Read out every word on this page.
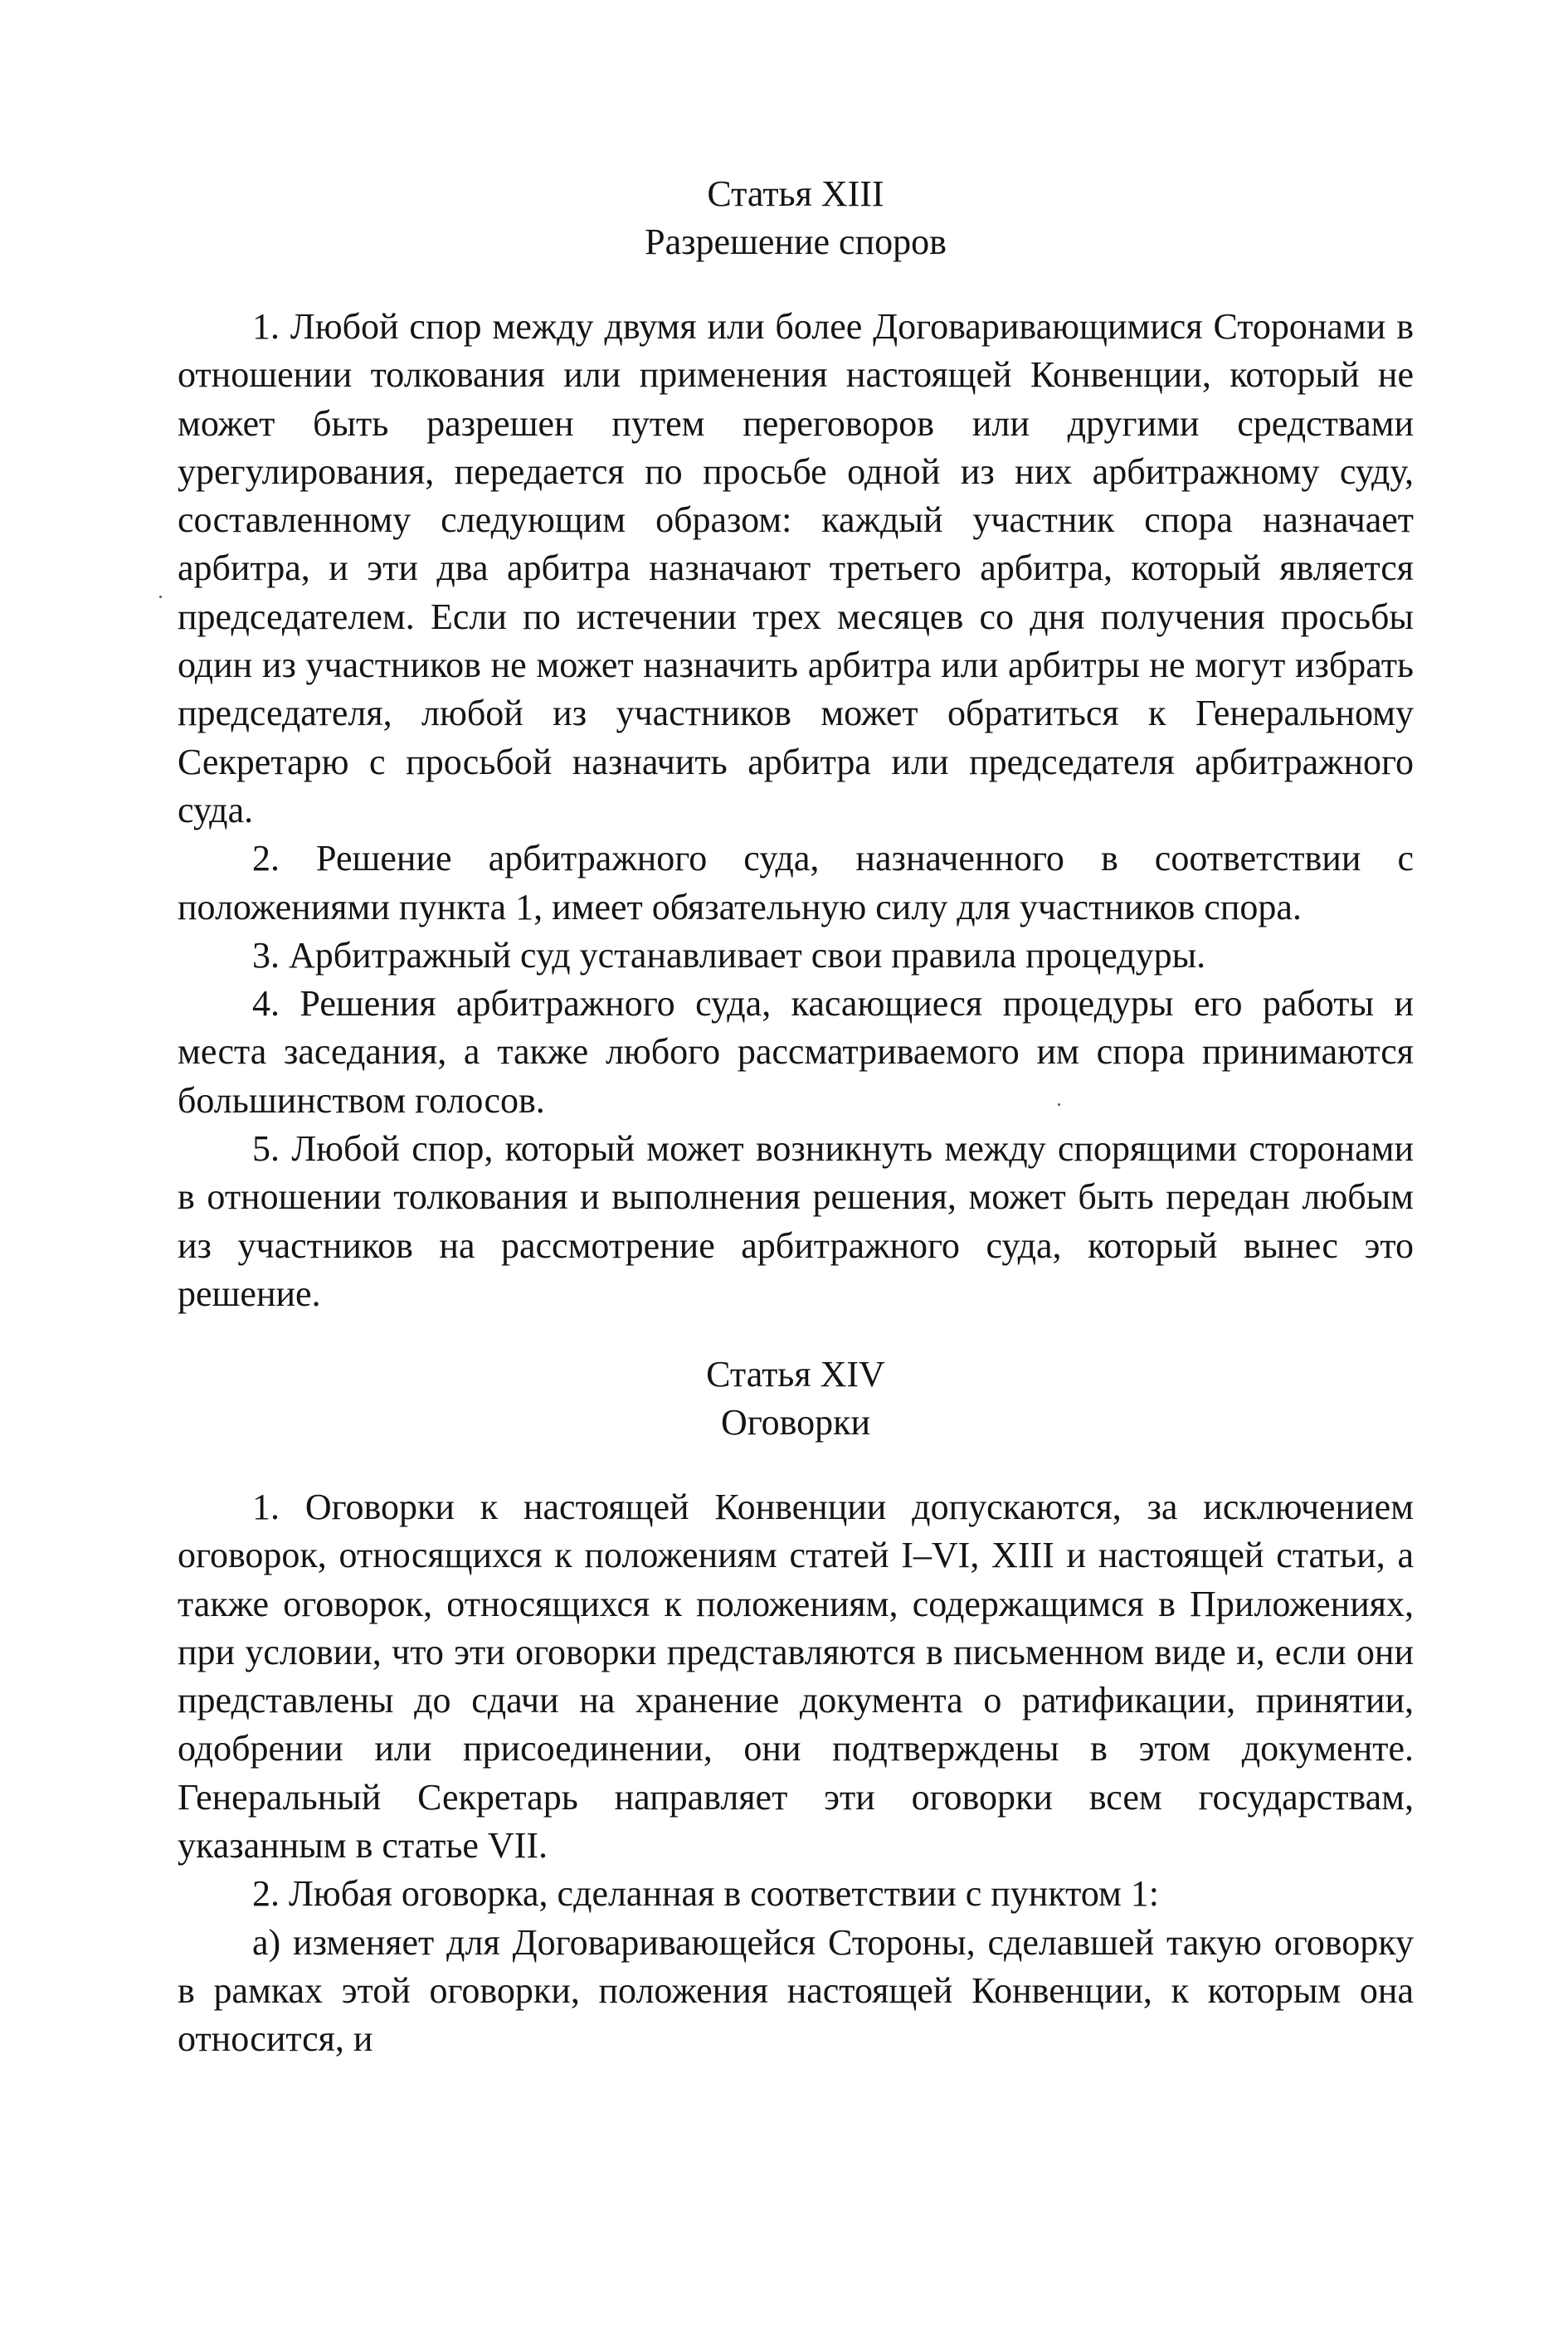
Статья XIII

Разрешение споров

1. Любой спор между двумя или более Договаривающимися Сторонами в отношении толкования или применения настоящей Конвенции, который не может быть разрешен путем переговоров или другими средствами урегулирования, передается по просьбе одной из них арбитражному суду, составленному следующим образом: каждый участник спора назначает арбитра, и эти два арбитра назначают третьего арбитра, который является председателем. Если по истечении трех месяцев со дня получения просьбы один из участников не может назначить арбитра или арбитры не могут избрать председателя, любой из участников может обратиться к Генеральному Секретарю с просьбой назначить арбитра или председателя арбитражного суда.

2. Решение арбитражного суда, назначенного в соответствии с положениями пункта 1, имеет обязательную силу для участников спора.

3. Арбитражный суд устанавливает свои правила процедуры.

4. Решения арбитражного суда, касающиеся процедуры его работы и места заседания, а также любого рассматриваемого им спора принимаются большинством голосов.

5. Любой спор, который может возникнуть между спорящими сторонами в отношении толкования и выполнения решения, может быть передан любым из участников на рассмотрение арбитражного суда, который вынес это решение.

Статья XIV

Оговорки

1. Оговорки к настоящей Конвенции допускаются, за исключением оговорок, относящихся к положениям статей I–VI, XIII и настоящей статьи, а также оговорок, относящихся к положениям, содержащимся в Приложениях, при условии, что эти оговорки представляются в письменном виде и, если они представлены до сдачи на хранение документа о ратификации, принятии, одобрении или присоединении, они подтверждены в этом документе. Генеральный Секретарь направляет эти оговорки всем государствам, указанным в статье VII.

2. Любая оговорка, сделанная в соответствии с пунктом 1:

а) изменяет для Договаривающейся Стороны, сделавшей такую оговорку в рамках этой оговорки, положения настоящей Конвенции, к которым она относится, и
